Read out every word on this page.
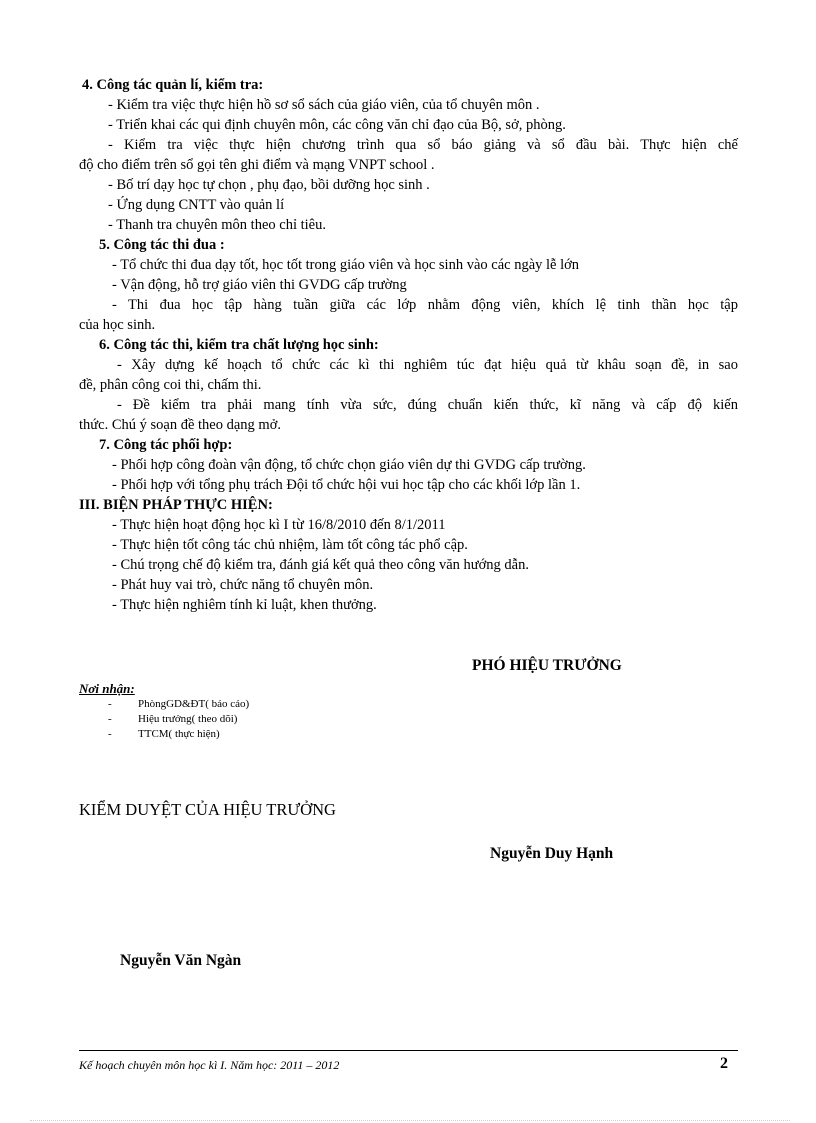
4. Công tác quản lí, kiểm tra:
- Kiểm tra việc thực hiện hồ sơ sổ sách của giáo viên, của tổ chuyên môn .
- Triển khai các qui định chuyên môn, các công văn chỉ đạo của Bộ, sở, phòng.
- Kiểm tra việc thực hiện chương trình qua sổ báo giảng và sổ đầu bài. Thực hiện chế
độ cho điểm trên sổ gọi tên ghi điểm và mạng VNPT school .
- Bố trí dạy học tự chọn , phụ đạo, bồi dưỡng học sinh .
- Ứng dụng CNTT vào quản lí
- Thanh tra chuyên môn theo chỉ tiêu.
5. Công tác thi đua :
- Tổ chức thi đua dạy tốt, học tốt trong giáo viên và học sinh vào các ngày lễ lớn
- Vận động, hỗ trợ giáo viên thi GVDG cấp trường
- Thi đua học tập hàng tuần giữa các lớp nhằm động viên, khích lệ tinh thần học tập
của học sinh.
6. Công tác thi, kiểm tra chất lượng học sinh:
- Xây dựng kế hoạch tổ chức các kì thi nghiêm túc đạt hiệu quả từ khâu soạn đề, in sao
đề, phân công coi thi, chấm thi.
- Đề kiểm tra phải mang tính vừa sức, đúng chuẩn kiến thức, kĩ năng và cấp độ kiến
thức. Chú ý soạn đề theo dạng mở.
7. Công tác phối hợp:
- Phối hợp công đoàn vận động, tổ chức chọn giáo viên dự thi GVDG cấp trường.
- Phối hợp với tổng phụ trách Đội tổ chức hội vui học tập cho các khối lớp lần 1.
III. BIỆN PHÁP THỰC HIỆN:
- Thực hiện hoạt động học kì I từ 16/8/2010 đến 8/1/2011
- Thực hiện tốt công tác chủ nhiệm, làm tốt công tác phổ cập.
- Chú trọng chế độ kiểm tra, đánh giá kết quả theo công văn hướng dẫn.
- Phát huy vai trò, chức năng tổ chuyên môn.
- Thực hiện nghiêm tính kỉ luật, khen thưởng.
PHÓ HIỆU TRƯỞNG
Nơi nhận:
- PhòngGD&ĐT( báo cáo)
- Hiệu trưởng( theo dõi)
- TTCM( thực hiện)
KIỂM DUYỆT CỦA HIỆU TRƯỞNG
Nguyễn Duy Hạnh
Nguyễn Văn Ngàn
Kế hoạch chuyên môn học kì I. Năm học: 2011 – 2012	2
